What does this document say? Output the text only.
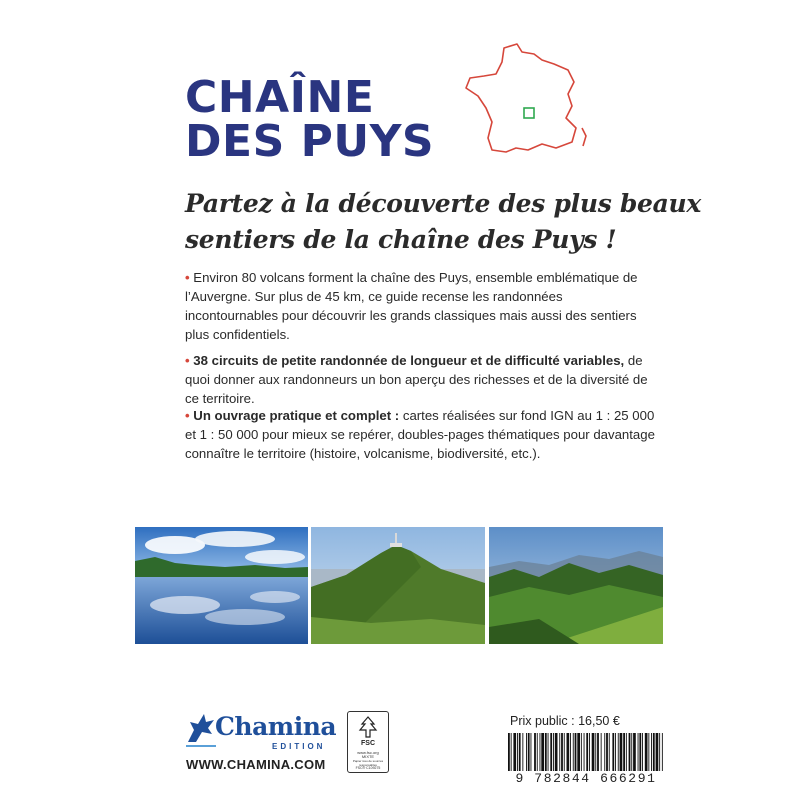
CHAÎNE
DES PUYS
Partez à la découverte des plus beaux
sentiers de la chaîne des Puys !
• Environ 80 volcans forment la chaîne des Puys, ensemble emblématique de l’Auvergne. Sur plus de 45 km, ce guide recense les randonnées incontournables pour découvrir les grands classiques mais aussi des sentiers plus confidentiels.
• 38 circuits de petite randonnée de longueur et de difficulté variables, de quoi donner aux randonneurs un bon aperçu des richesses et de la diversité de ce territoire.
• Un ouvrage pratique et complet : cartes réalisées sur fond IGN au 1 : 25 000 et 1 : 50 000 pour mieux se repérer, doubles-pages thématiques pour davantage connaître le territoire (histoire, volcanisme, biodiversité, etc.).
Chamina
EDITION
WWW.CHAMINA.COM
FSC
www.fsc.org
MIXTE
Papier issu de sources responsables
FSC® C109275
Prix public : 16,50 €
9 782844 666291
